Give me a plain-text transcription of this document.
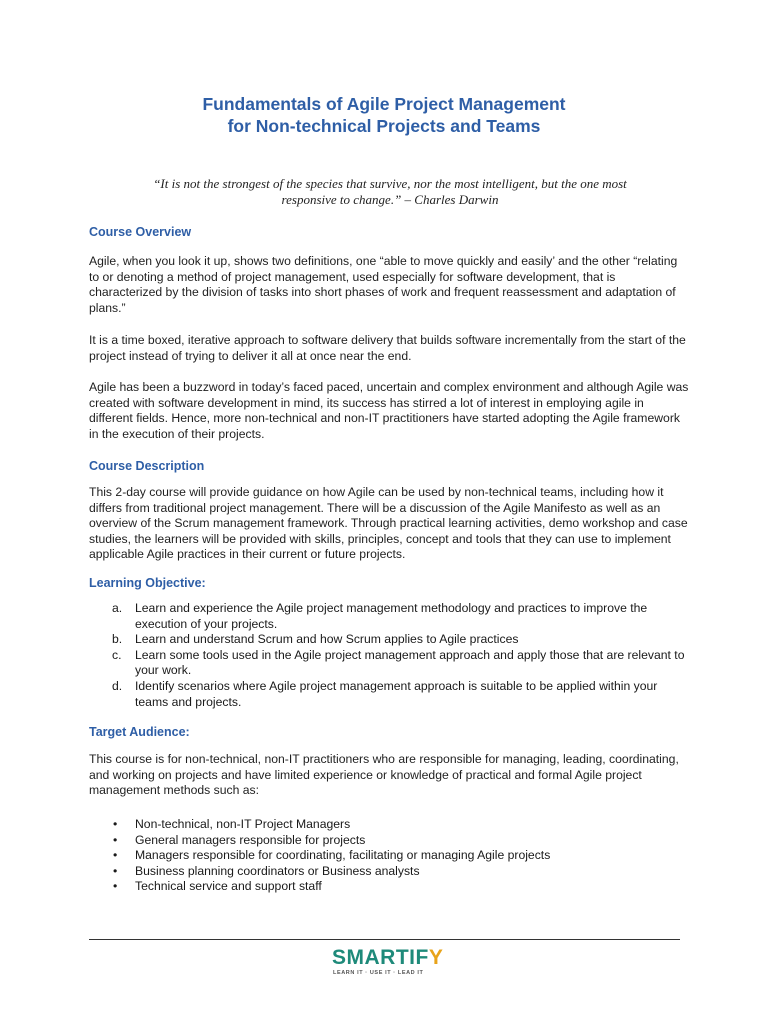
Fundamentals of Agile Project Management
for Non-technical Projects and Teams
“It is not the strongest of the species that survive, nor the most intelligent, but the one most responsive to change.” – Charles Darwin
Course Overview
Agile, when you look it up, shows two definitions, one “able to move quickly and easily’ and the other “relating to or denoting a method of project management, used especially for software development, that is characterized by the division of tasks into short phases of work and frequent reassessment and adaptation of plans.”
It is a time boxed, iterative approach to software delivery that builds software incrementally from the start of the project instead of trying to deliver it all at once near the end.
Agile has been a buzzword in today’s faced paced, uncertain and complex environment and although Agile was created with software development in mind, its success has stirred a lot of interest in employing agile in different fields. Hence, more non-technical and non-IT practitioners have started adopting the Agile framework in the execution of their projects.
Course Description
This 2-day course will provide guidance on how Agile can be used by non-technical teams, including how it differs from traditional project management. There will be a discussion of the Agile Manifesto as well as an overview of the Scrum management framework. Through practical learning activities, demo workshop and case studies, the learners will be provided with skills, principles, concept and tools that they can use to implement applicable Agile practices in their current or future projects.
Learning Objective:
a. Learn and experience the Agile project management methodology and practices to improve the execution of your projects.
b. Learn and understand Scrum and how Scrum applies to Agile practices
c. Learn some tools used in the Agile project management approach and apply those that are relevant to your work.
d. Identify scenarios where Agile project management approach is suitable to be applied within your teams and projects.
Target Audience:
This course is for non-technical, non-IT practitioners who are responsible for managing, leading, coordinating, and working on projects and have limited experience or knowledge of practical and formal Agile project management methods such as:
• Non-technical, non-IT Project Managers
• General managers responsible for projects
• Managers responsible for coordinating, facilitating or managing Agile projects
• Business planning coordinators or Business analysts
• Technical service and support staff
SMARTIFY
LEARN IT · USE IT · LEAD IT
